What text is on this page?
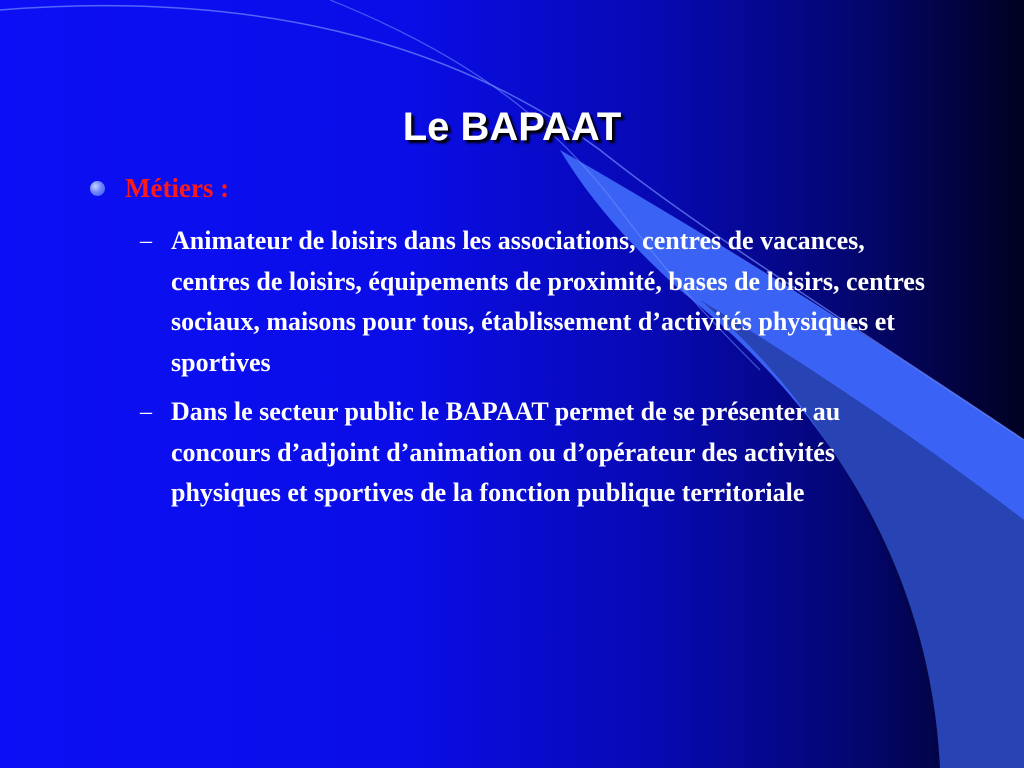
Le BAPAAT
Métiers :
– Animateur de loisirs dans les associations, centres de vacances, centres de loisirs, équipements de proximité, bases de loisirs, centres sociaux, maisons pour tous, établissement d’activités physiques et sportives
– Dans le secteur public le BAPAAT permet de se présenter au concours d’adjoint d’animation ou d’opérateur des activités physiques et sportives de la fonction publique territoriale
